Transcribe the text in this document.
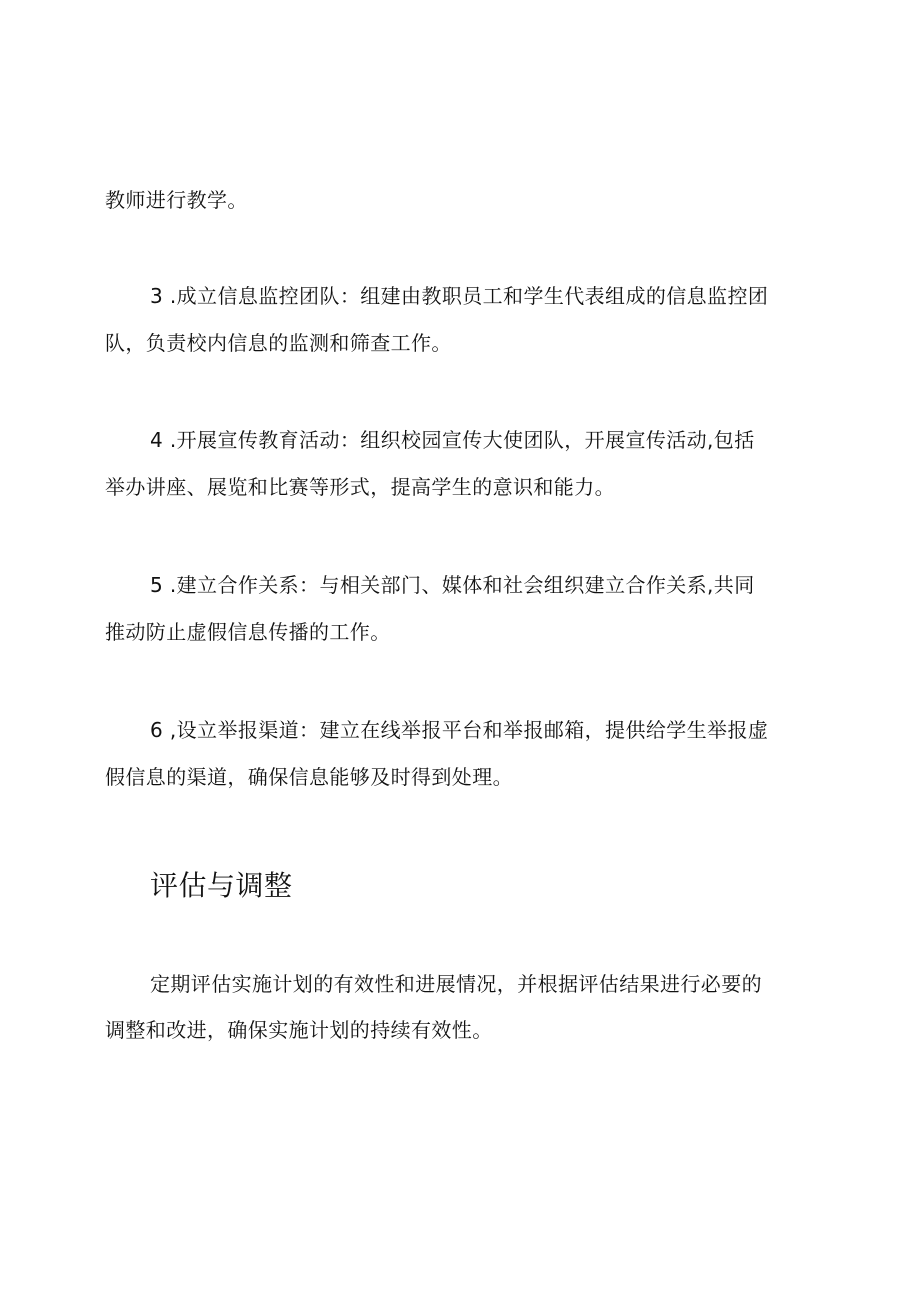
教师进行教学。
3 .成立信息监控团队：组建由教职员工和学生代表组成的信息监控团
队，负责校内信息的监测和筛查工作。
4 .开展宣传教育活动：组织校园宣传大使团队，开展宣传活动,包括
举办讲座、展览和比赛等形式，提高学生的意识和能力。
5 .建立合作关系：与相关部门、媒体和社会组织建立合作关系,共同
推动防止虚假信息传播的工作。
6 ,设立举报渠道：建立在线举报平台和举报邮箱，提供给学生举报虚
假信息的渠道，确保信息能够及时得到处理。
评估与调整
定期评估实施计划的有效性和进展情况，并根据评估结果进行必要的
调整和改进，确保实施计划的持续有效性。
